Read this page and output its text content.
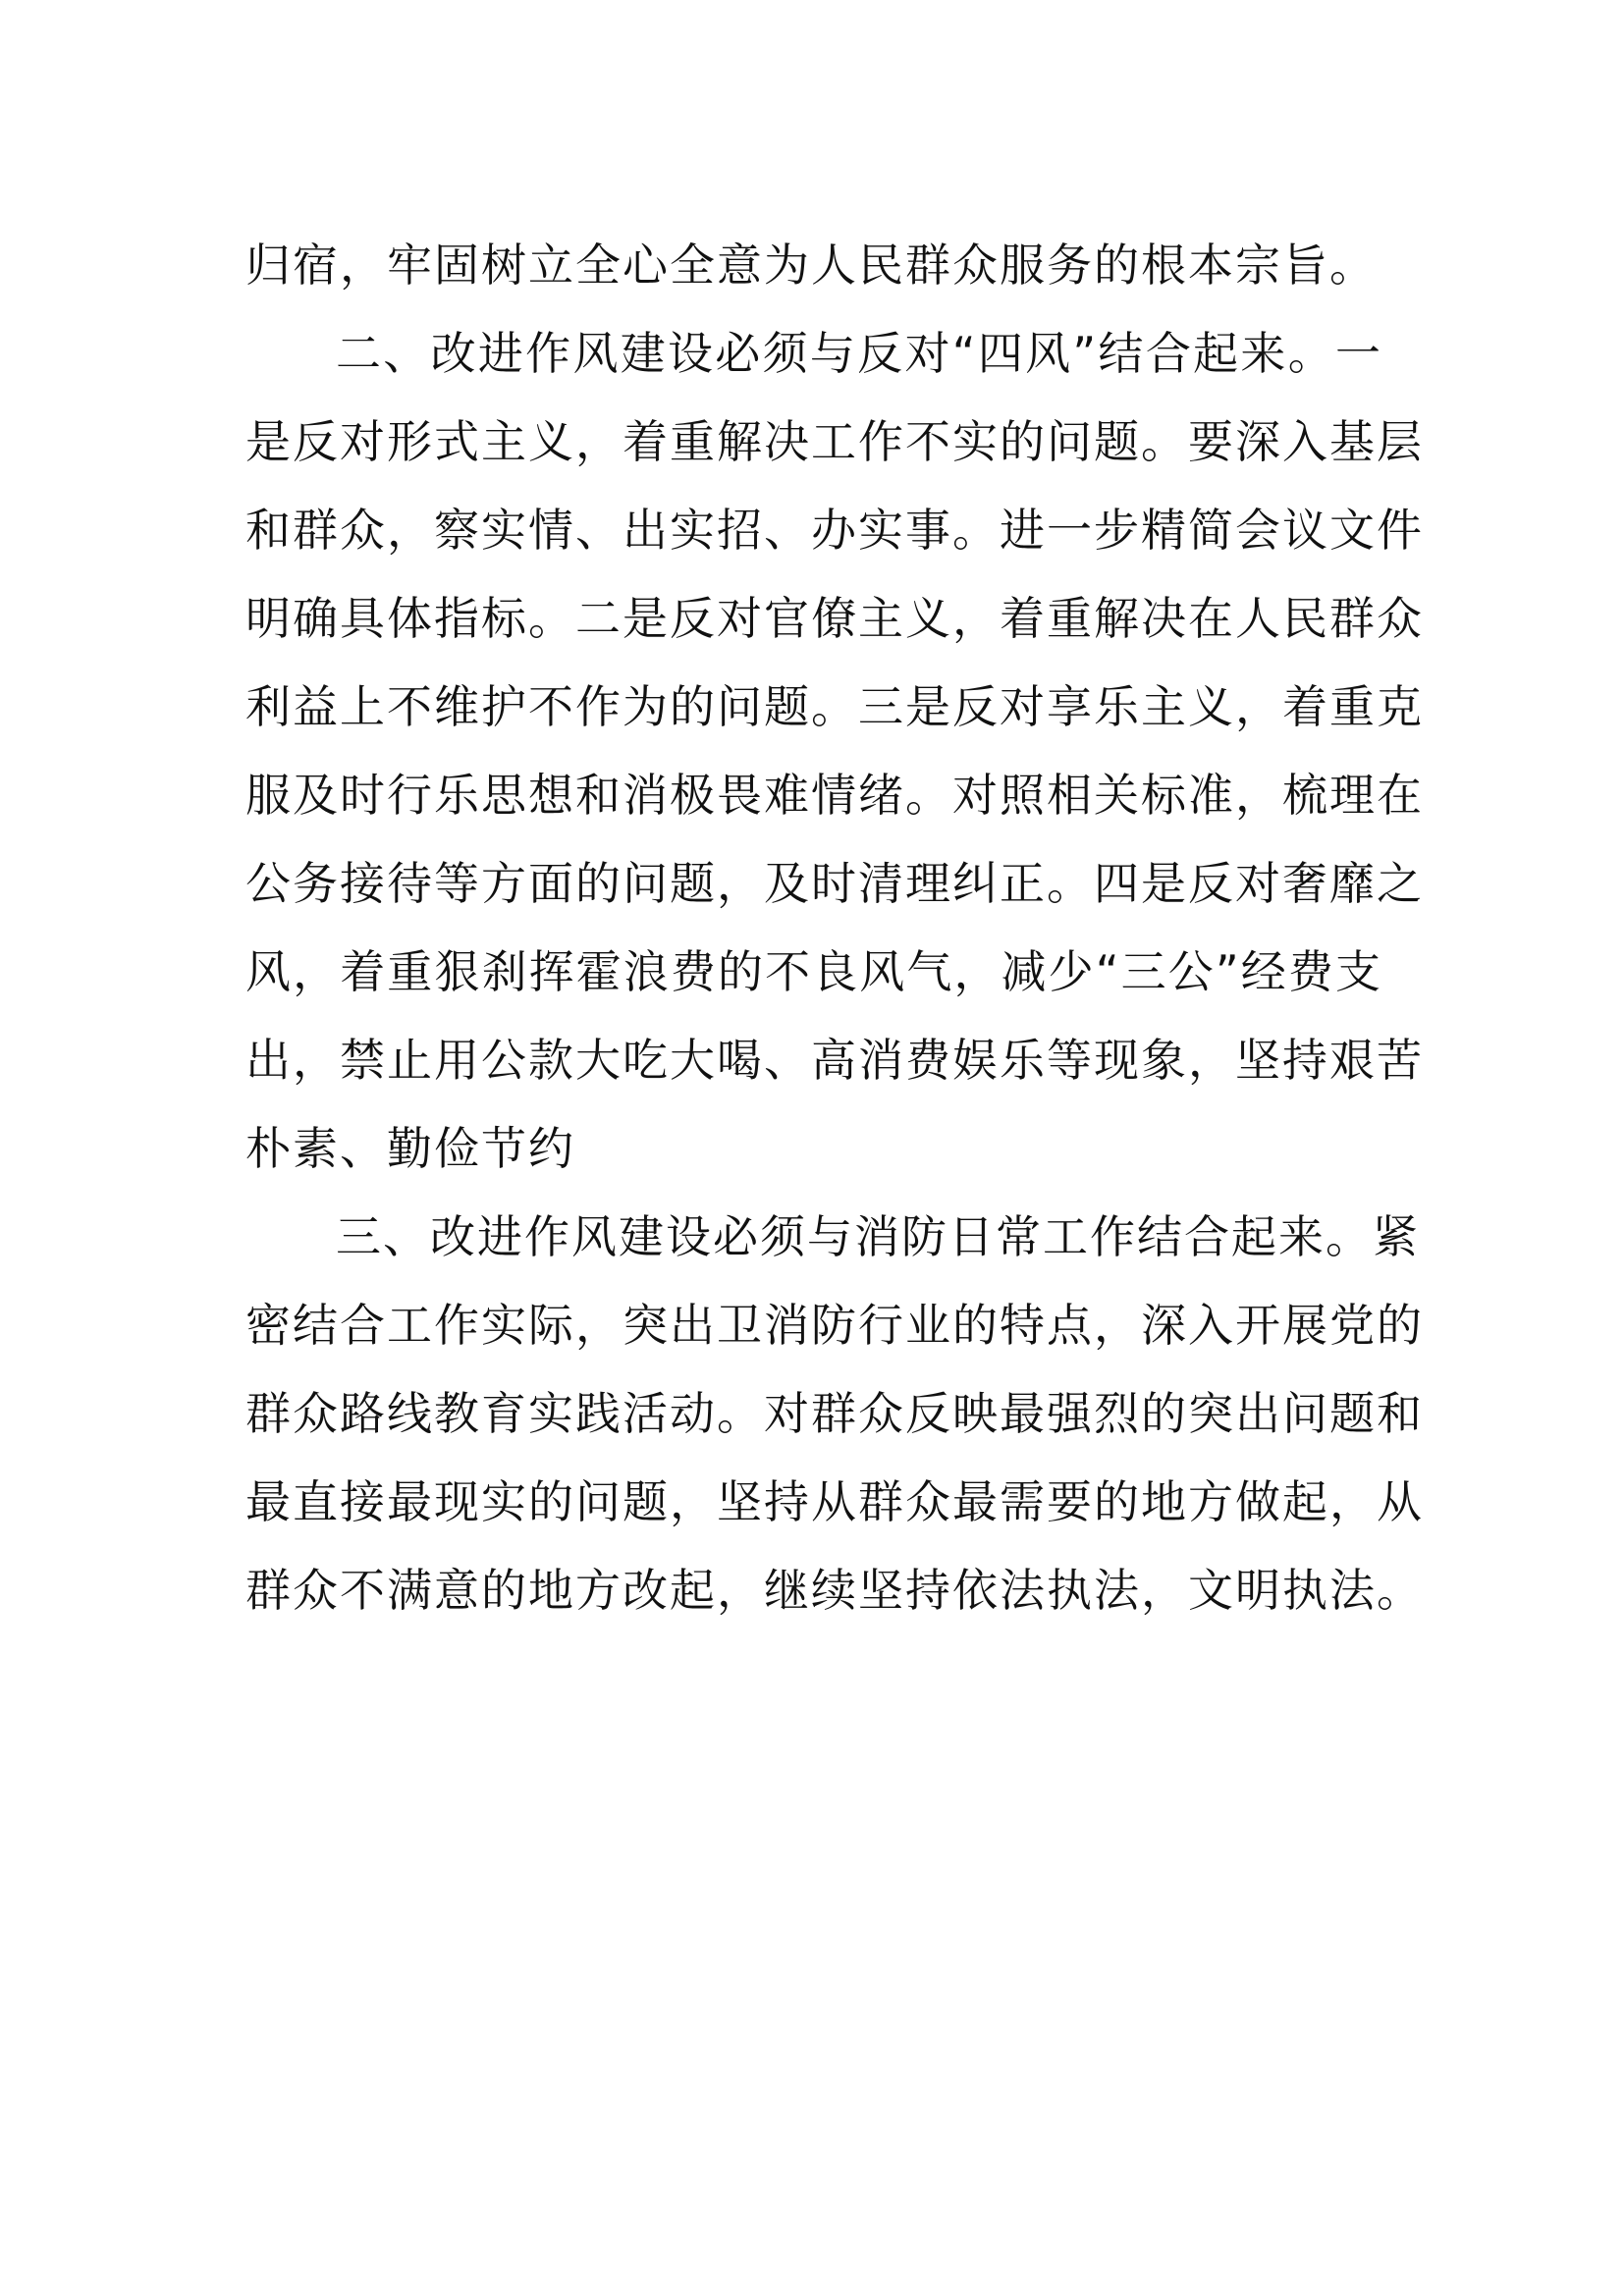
归宿，牢固树立全心全意为人民群众服务的根本宗旨。
二、改进作风建设必须与反对“四风”结合起来。一
是反对形式主义，着重解决工作不实的问题。要深入基层
和群众，察实情、出实招、办实事。进一步精简会议文件
明确具体指标。二是反对官僚主义，着重解决在人民群众
利益上不维护不作为的问题。三是反对享乐主义，着重克
服及时行乐思想和消极畏难情绪。对照相关标准，梳理在
公务接待等方面的问题，及时清理纠正。四是反对奢靡之
风，着重狠刹挥霍浪费的不良风气，减少“三公”经费支
出，禁止用公款大吃大喝、高消费娱乐等现象，坚持艰苦
朴素、勤俭节约
三、改进作风建设必须与消防日常工作结合起来。紧
密结合工作实际，突出卫消防行业的特点，深入开展党的
群众路线教育实践活动。对群众反映最强烈的突出问题和
最直接最现实的问题，坚持从群众最需要的地方做起，从
群众不满意的地方改起，继续坚持依法执法，文明执法。
